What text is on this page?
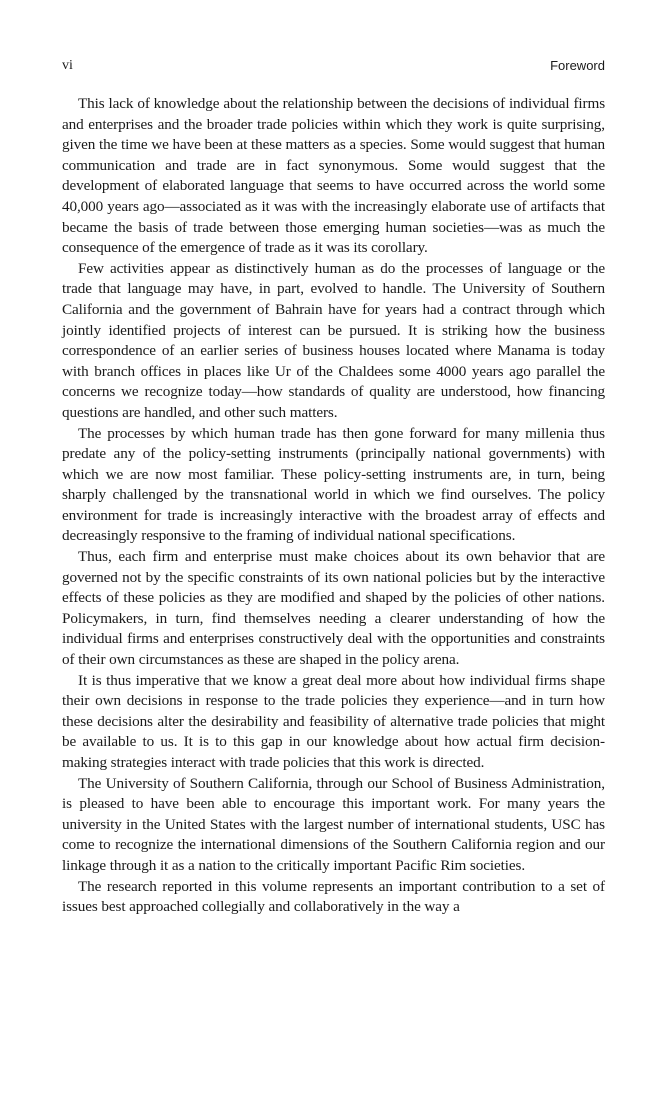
vi	Foreword

This lack of knowledge about the relationship between the decisions of individual firms and enterprises and the broader trade policies within which they work is quite surprising, given the time we have been at these matters as a species. Some would suggest that human communication and trade are in fact synonymous. Some would suggest that the development of elaborated language that seems to have occurred across the world some 40,000 years ago—associated as it was with the increasingly elaborate use of artifacts that became the basis of trade between those emerging human societies—was as much the consequence of the emergence of trade as it was its corollary.

Few activities appear as distinctively human as do the processes of language or the trade that language may have, in part, evolved to handle. The University of Southern California and the government of Bahrain have for years had a contract through which jointly identified projects of interest can be pursued. It is striking how the business correspondence of an earlier series of business houses located where Manama is today with branch offices in places like Ur of the Chaldees some 4000 years ago parallel the concerns we recognize today—how standards of quality are understood, how financing questions are handled, and other such matters.

The processes by which human trade has then gone forward for many millenia thus predate any of the policy-setting instruments (principally national governments) with which we are now most familiar. These policy-setting instruments are, in turn, being sharply challenged by the transnational world in which we find ourselves. The policy environment for trade is increasingly interactive with the broadest array of effects and decreasingly responsive to the framing of individual national specifications.

Thus, each firm and enterprise must make choices about its own behavior that are governed not by the specific constraints of its own national policies but by the interactive effects of these policies as they are modified and shaped by the policies of other nations. Policymakers, in turn, find themselves needing a clearer understanding of how the individual firms and enterprises constructively deal with the opportunities and constraints of their own circumstances as these are shaped in the policy arena.

It is thus imperative that we know a great deal more about how individual firms shape their own decisions in response to the trade policies they experience—and in turn how these decisions alter the desirability and feasibility of alternative trade policies that might be available to us. It is to this gap in our knowledge about how actual firm decision-making strategies interact with trade policies that this work is directed.

The University of Southern California, through our School of Business Administration, is pleased to have been able to encourage this important work. For many years the university in the United States with the largest number of international students, USC has come to recognize the international dimensions of the Southern California region and our linkage through it as a nation to the critically important Pacific Rim societies.

The research reported in this volume represents an important contribution to a set of issues best approached collegially and collaboratively in the way a
